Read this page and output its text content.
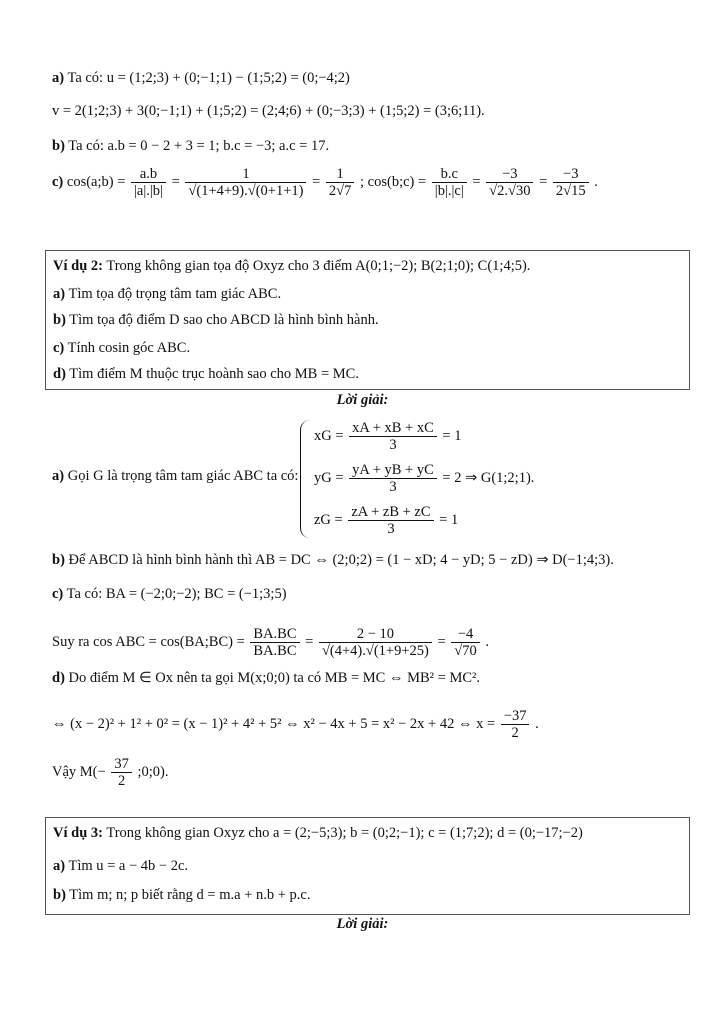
a) Ta có: u = (1;2;3) + (0;−1;1) − (1;5;2) = (0;−4;2)
v = 2(1;2;3) + 3(0;−1;1) + (1;5;2) = (2;4;6) + (0;−3;3) + (1;5;2) = (3;6;11).
b) Ta có: a.b = 0 − 2 + 3 = 1; b.c = −3; a.c = 17.
c) cos(a;b) = $\frac{a.b}{|a|.|b|} = \frac{1}{√(1+4+9).√(0+1+1)} = \frac{1}{2√7}$ ; cos(b;c) = $\frac{b.c}{|b|.|c|} = \frac{-3}{√2.√30} = \frac{-3}{2√15}$ .
Ví dụ 2: Trong không gian tọa độ Oxyz cho 3 điểm A(0;1;−2); B(2;1;0); C(1;4;5).
a) Tìm tọa độ trọng tâm tam giác ABC.
b) Tìm tọa độ điểm D sao cho ABCD là hình bình hành.
c) Tính cosin góc ABC.
d) Tìm điểm M thuộc trục hoành sao cho MB = MC.
Lời giải:
a) Gọi G là trọng tâm tam giác ABC ta có:
xG = $\frac{xA + xB + xC}{3} = 1$
yG = $\frac{yA + yB + yC}{3} = 2$ ⇒ G(1;2;1).
zG = $\frac{zA + zB + zC}{3} = 1$
b) Để ABCD là hình bình hành thì AB = DC ⇔ (2;0;2) = (1 − xD; 4 − yD; 5 − zD) ⇒ D(−1;4;3).
c) Ta có: BA = (−2;0;−2); BC = (−1;3;5)
Suy ra cos ABC = cos(BA;BC) = $\frac{BA.BC}{BA.BC} = \frac{2 - 10}{√(4+4).√(1+9+25)} = \frac{-4}{√70}$ .
d) Do điểm M ∈ Ox nên ta gọi M(x;0;0) ta có MB = MC ⇔ MB² = MC².
⇔ (x − 2)² + 1² + 0² = (x − 1)² + 4² + 5² ⇔ x² − 4x + 5 = x² − 2x + 42 ⇔ $x = \frac{-37}{2}$ .
Vậy $M(- \frac{37}{2}$ ;0;0).
Ví dụ 3: Trong không gian Oxyz cho a = (2;−5;3); b = (0;2;−1); c = (1;7;2); d = (0;−17;−2)
a) Tìm u = a − 4b − 2c.
b) Tìm m; n; p biết rằng d = m.a + n.b + p.c.
Lời giải:
